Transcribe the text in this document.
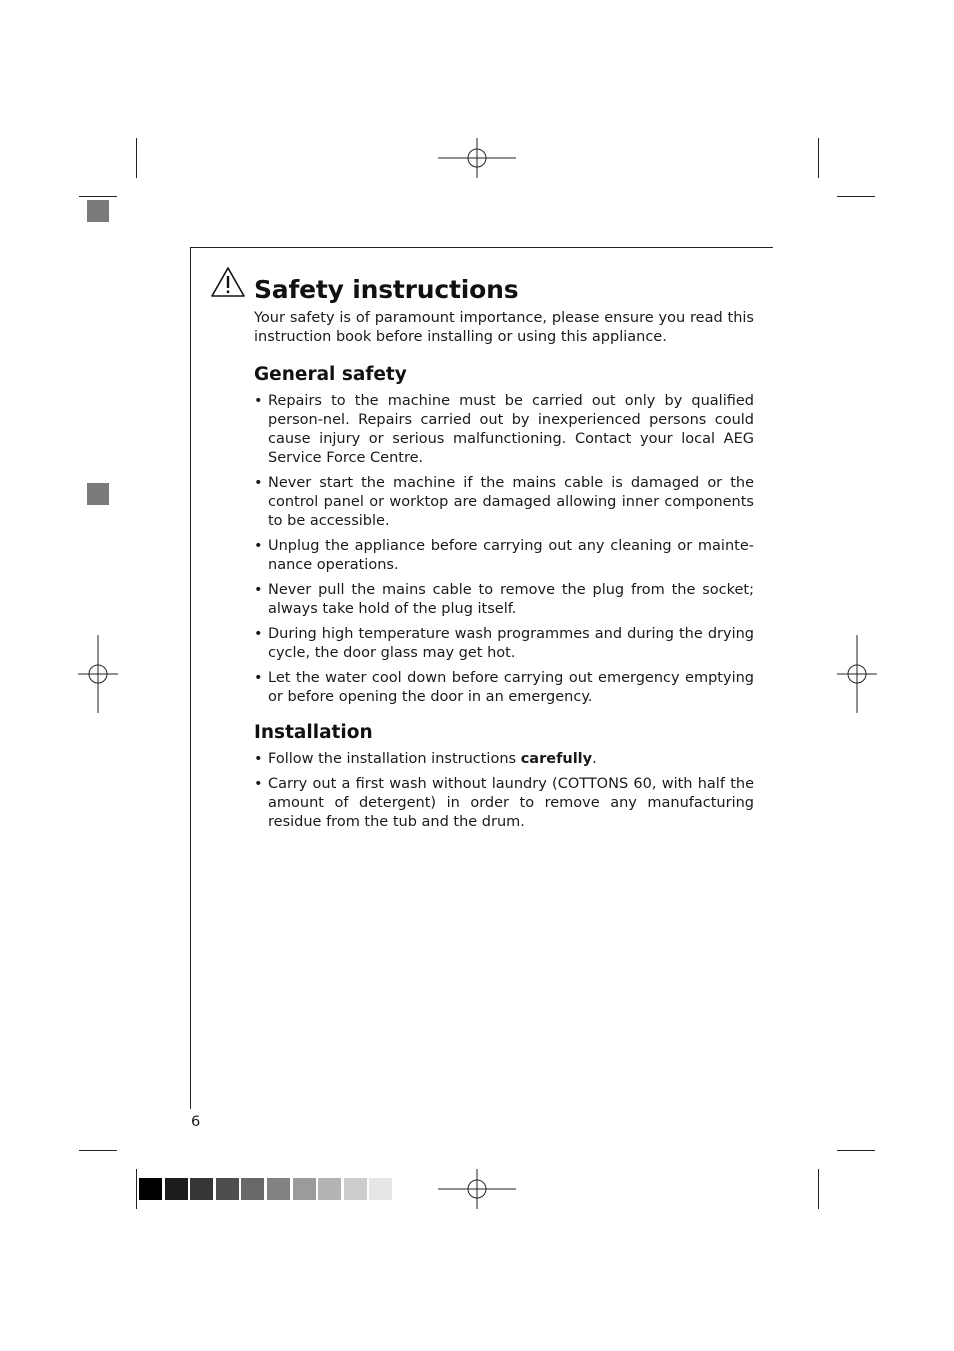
Safety instructions

Your safety is of paramount importance, please ensure you read this instruction book before installing or using this appliance.

General safety
• Repairs to the machine must be carried out only by qualified person-nel. Repairs carried out by inexperienced persons could cause injury or serious malfunctioning. Contact your local AEG Service Force Centre.
• Never start the machine if the mains cable is damaged or the control panel or worktop are damaged allowing inner components to be accessible.
• Unplug the appliance before carrying out any cleaning or mainte-nance operations.
• Never pull the mains cable to remove the plug from the socket; always take hold of the plug itself.
• During high temperature wash programmes and during the drying cycle, the door glass may get hot.
• Let the water cool down before carrying out emergency emptying or before opening the door in an emergency.
Installation
• Follow the installation instructions carefully.
• Carry out a first wash without laundry (COTTONS 60, with half the amount of detergent) in order to remove any manufacturing residue from the tub and the drum.
6
